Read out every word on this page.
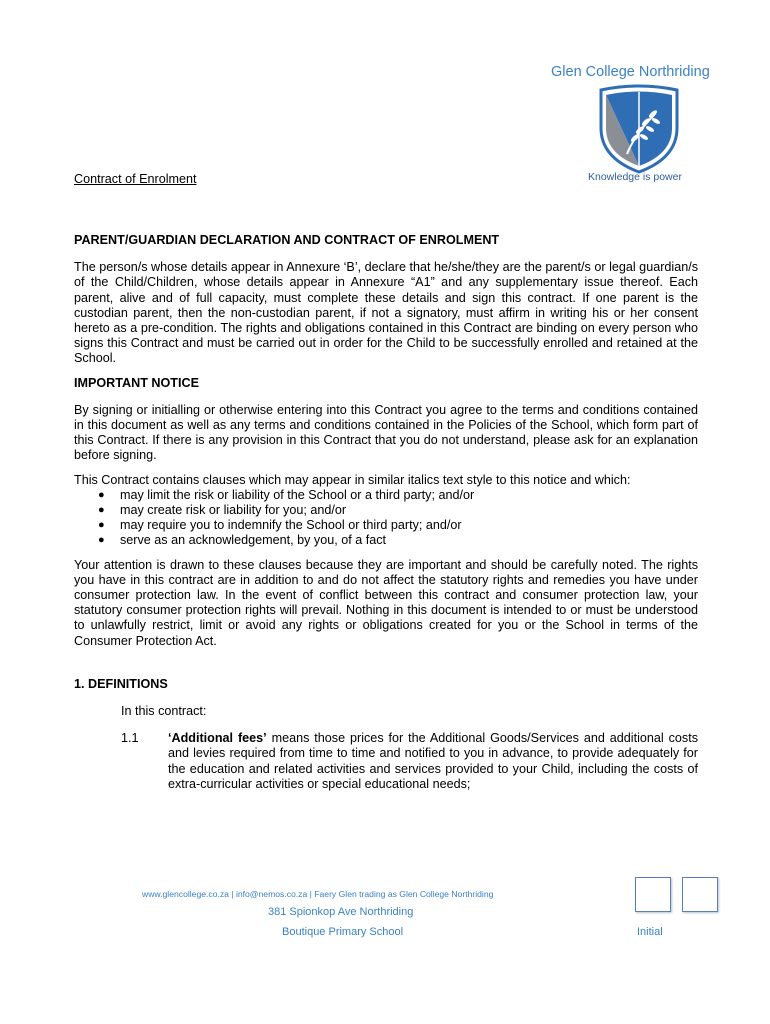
Glen College Northriding
Knowledge is power
Contract of Enrolment
PARENT/GUARDIAN DECLARATION AND CONTRACT OF ENROLMENT

The person/s whose details appear in Annexure ‘B’, declare that he/she/they are the parent/s or legal guardian/s of the Child/Children, whose details appear in Annexure “A1” and any supplementary issue thereof. Each parent, alive and of full capacity, must complete these details and sign this contract. If one parent is the custodian parent, then the non-custodian parent, if not a signatory, must affirm in writing his or her consent hereto as a pre-condition. The rights and obligations contained in this Contract are binding on every person who signs this Contract and must be carried out in order for the Child to be successfully enrolled and retained at the School.

IMPORTANT NOTICE

By signing or initialling or otherwise entering into this Contract you agree to the terms and conditions contained in this document as well as any terms and conditions contained in the Policies of the School, which form part of this Contract. If there is any provision in this Contract that you do not understand, please ask for an explanation before signing.

This Contract contains clauses which may appear in similar italics text style to this notice and which:

● may limit the risk or liability of the School or a third party; and/or
● may create risk or liability for you; and/or
● may require you to indemnify the School or third party; and/or
● serve as an acknowledgement, by you, of a fact

Your attention is drawn to these clauses because they are important and should be carefully noted. The rights you have in this contract are in addition to and do not affect the statutory rights and remedies you have under consumer protection law. In the event of conflict between this contract and consumer protection law, your statutory consumer protection rights will prevail. Nothing in this document is intended to or must be understood to unlawfully restrict, limit or avoid any rights or obligations created for you or the School in terms of the Consumer Protection Act.

1. DEFINITIONS
In this contract:
1.1	‘Additional fees’ means those prices for the Additional Goods/Services and additional costs and levies required from time to time and notified to you in advance, to provide adequately for the education and related activities and services provided to your Child, including the costs of extra-curricular activities or special educational needs;
www.glencollege.co.za | info@nemos.co.za | Faery Glen trading as Glen College Northriding
381 Spionkop Ave Northriding
Boutique Primary School	Initial
